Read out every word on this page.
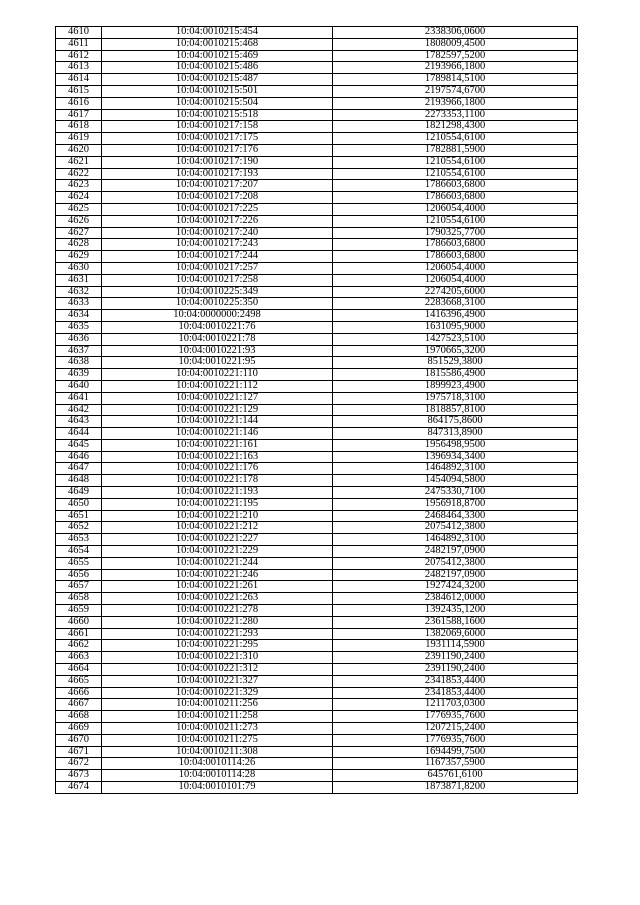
4610	10:04:0010215:454	2338306,0600
4611	10:04:0010215:468	1808009,4500
4612	10:04:0010215:469	1782597,5200
4613	10:04:0010215:486	2193966,1800
4614	10:04:0010215:487	1789814,5100
4615	10:04:0010215:501	2197574,6700
4616	10:04:0010215:504	2193966,1800
4617	10:04:0010215:518	2273353,1100
4618	10:04:0010217:158	1821298,4300
4619	10:04:0010217:175	1210554,6100
4620	10:04:0010217:176	1782881,5900
4621	10:04:0010217:190	1210554,6100
4622	10:04:0010217:193	1210554,6100
4623	10:04:0010217:207	1786603,6800
4624	10:04:0010217:208	1786603,6800
4625	10:04:0010217:225	1206054,4000
4626	10:04:0010217:226	1210554,6100
4627	10:04:0010217:240	1790325,7700
4628	10:04:0010217:243	1786603,6800
4629	10:04:0010217:244	1786603,6800
4630	10:04:0010217:257	1206054,4000
4631	10:04:0010217:258	1206054,4000
4632	10:04:0010225:349	2274205,6000
4633	10:04:0010225:350	2283668,3100
4634	10:04:0000000:2498	1416396,4900
4635	10:04:0010221:76	1631095,9000
4636	10:04:0010221:78	1427523,5100
4637	10:04:0010221:93	1970665,3200
4638	10:04:0010221:95	851529,3800
4639	10:04:0010221:110	1815586,4900
4640	10:04:0010221:112	1899923,4900
4641	10:04:0010221:127	1975718,3100
4642	10:04:0010221:129	1818857,8100
4643	10:04:0010221:144	864175,8600
4644	10:04:0010221:146	847313,8900
4645	10:04:0010221:161	1956498,9500
4646	10:04:0010221:163	1396934,3400
4647	10:04:0010221:176	1464892,3100
4648	10:04:0010221:178	1454094,5800
4649	10:04:0010221:193	2475330,7100
4650	10:04:0010221:195	1956918,8700
4651	10:04:0010221:210	2468464,3300
4652	10:04:0010221:212	2075412,3800
4653	10:04:0010221:227	1464892,3100
4654	10:04:0010221:229	2482197,0900
4655	10:04:0010221:244	2075412,3800
4656	10:04:0010221:246	2482197,0900
4657	10:04:0010221:261	1927424,3200
4658	10:04:0010221:263	2384612,0000
4659	10:04:0010221:278	1392435,1200
4660	10:04:0010221:280	2361588,1600
4661	10:04:0010221:293	1382069,6000
4662	10:04:0010221:295	1931114,5900
4663	10:04:0010221:310	2391190,2400
4664	10:04:0010221:312	2391190,2400
4665	10:04:0010221:327	2341853,4400
4666	10:04:0010221:329	2341853,4400
4667	10:04:0010211:256	1211703,0300
4668	10:04:0010211:258	1776935,7600
4669	10:04:0010211:273	1207215,2400
4670	10:04:0010211:275	1776935,7600
4671	10:04:0010211:308	1694499,7500
4672	10:04:0010114:26	1167357,5900
4673	10:04:0010114:28	645761,6100
4674	10:04:0010101:79	1873871,8200
